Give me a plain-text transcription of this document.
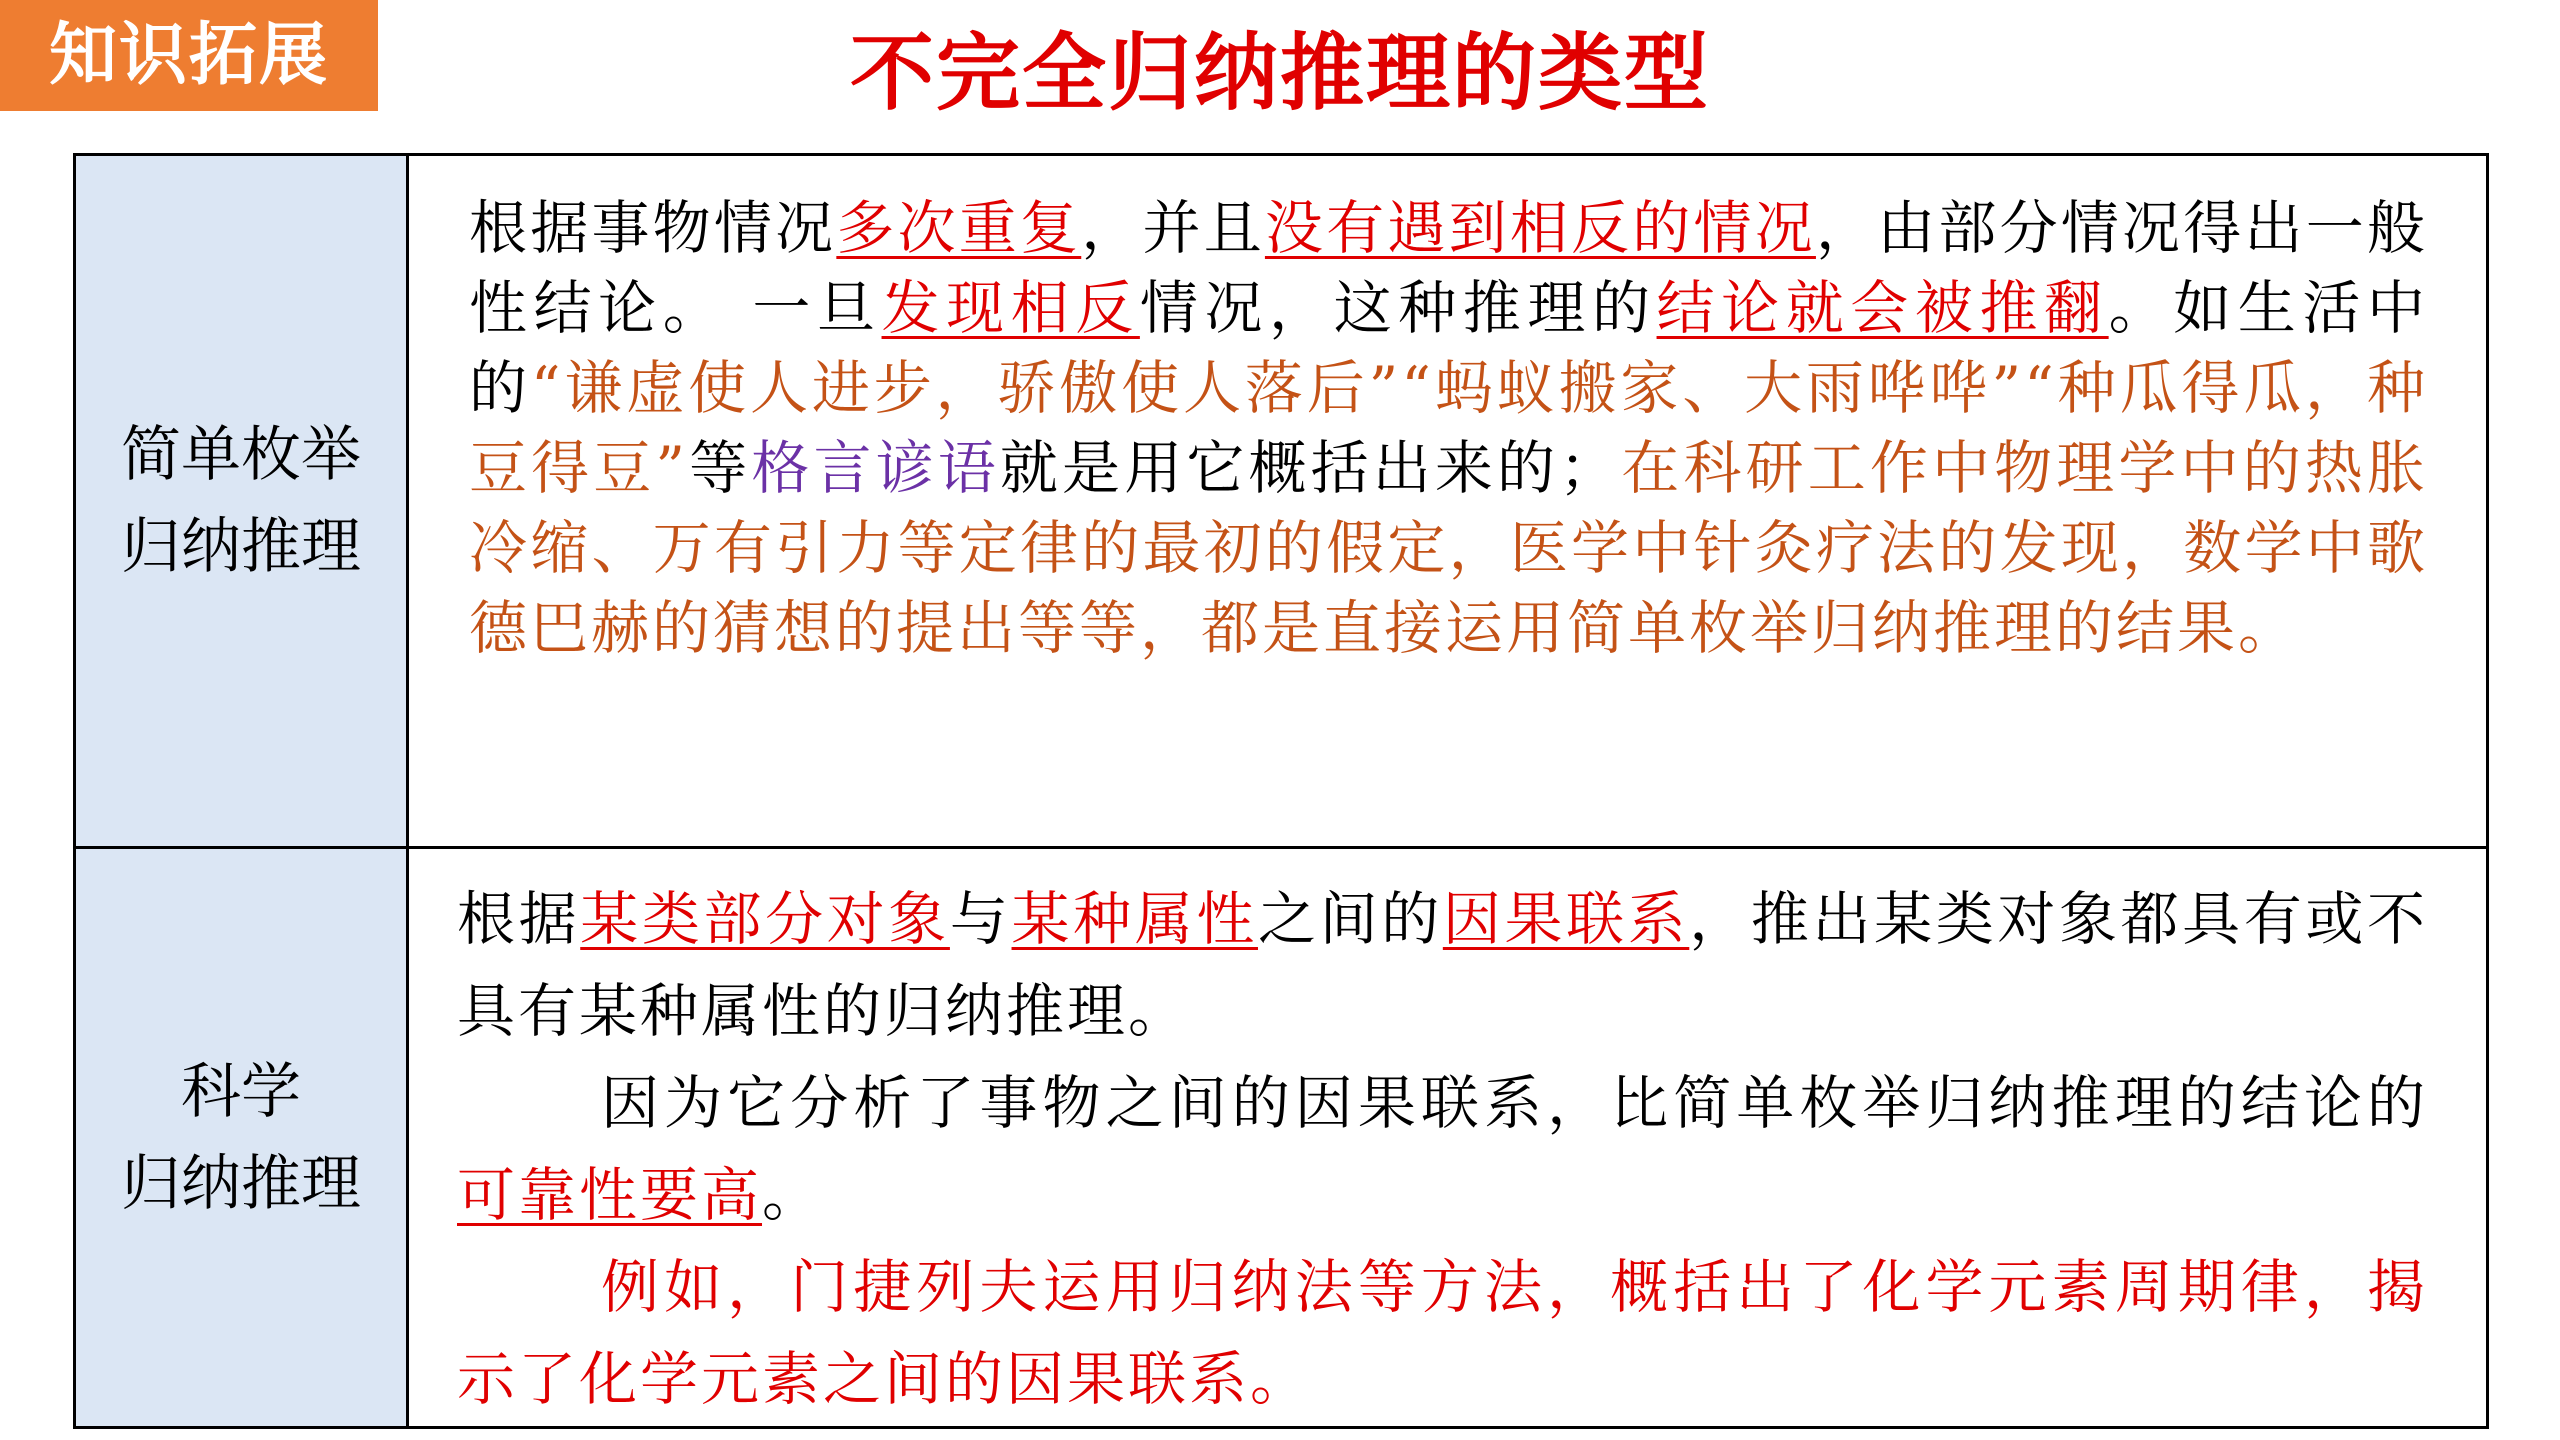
知识拓展	不完全归纳推理的类型
简单枚举
归纳推理

根据事物情况多次重复，并且没有遇到相反的情况，由部分情况得出一般性结论。 一旦发现相反情况，这种推理的结论就会被推翻。如生活中的“谦虚使人进步，骄傲使人落后”“蚂蚁搬家、大雨哗哗”“种瓜得瓜，种豆得豆”等格言谚语就是用它概括出来的；在科研工作中物理学中的热胀冷缩、万有引力等定律的最初的假定，医学中针灸疗法的发现，数学中歌德巴赫的猜想的提出等等，都是直接运用简单枚举归纳推理的结果。

科学
归纳推理

根据某类部分对象与某种属性之间的因果联系，推出某类对象都具有或不具有某种属性的归纳推理。

因为它分析了事物之间的因果联系，比简单枚举归纳推理的结论的可靠性要高。

例如，门捷列夫运用归纳法等方法，概括出了化学元素周期律，揭示了化学元素之间的因果联系。
